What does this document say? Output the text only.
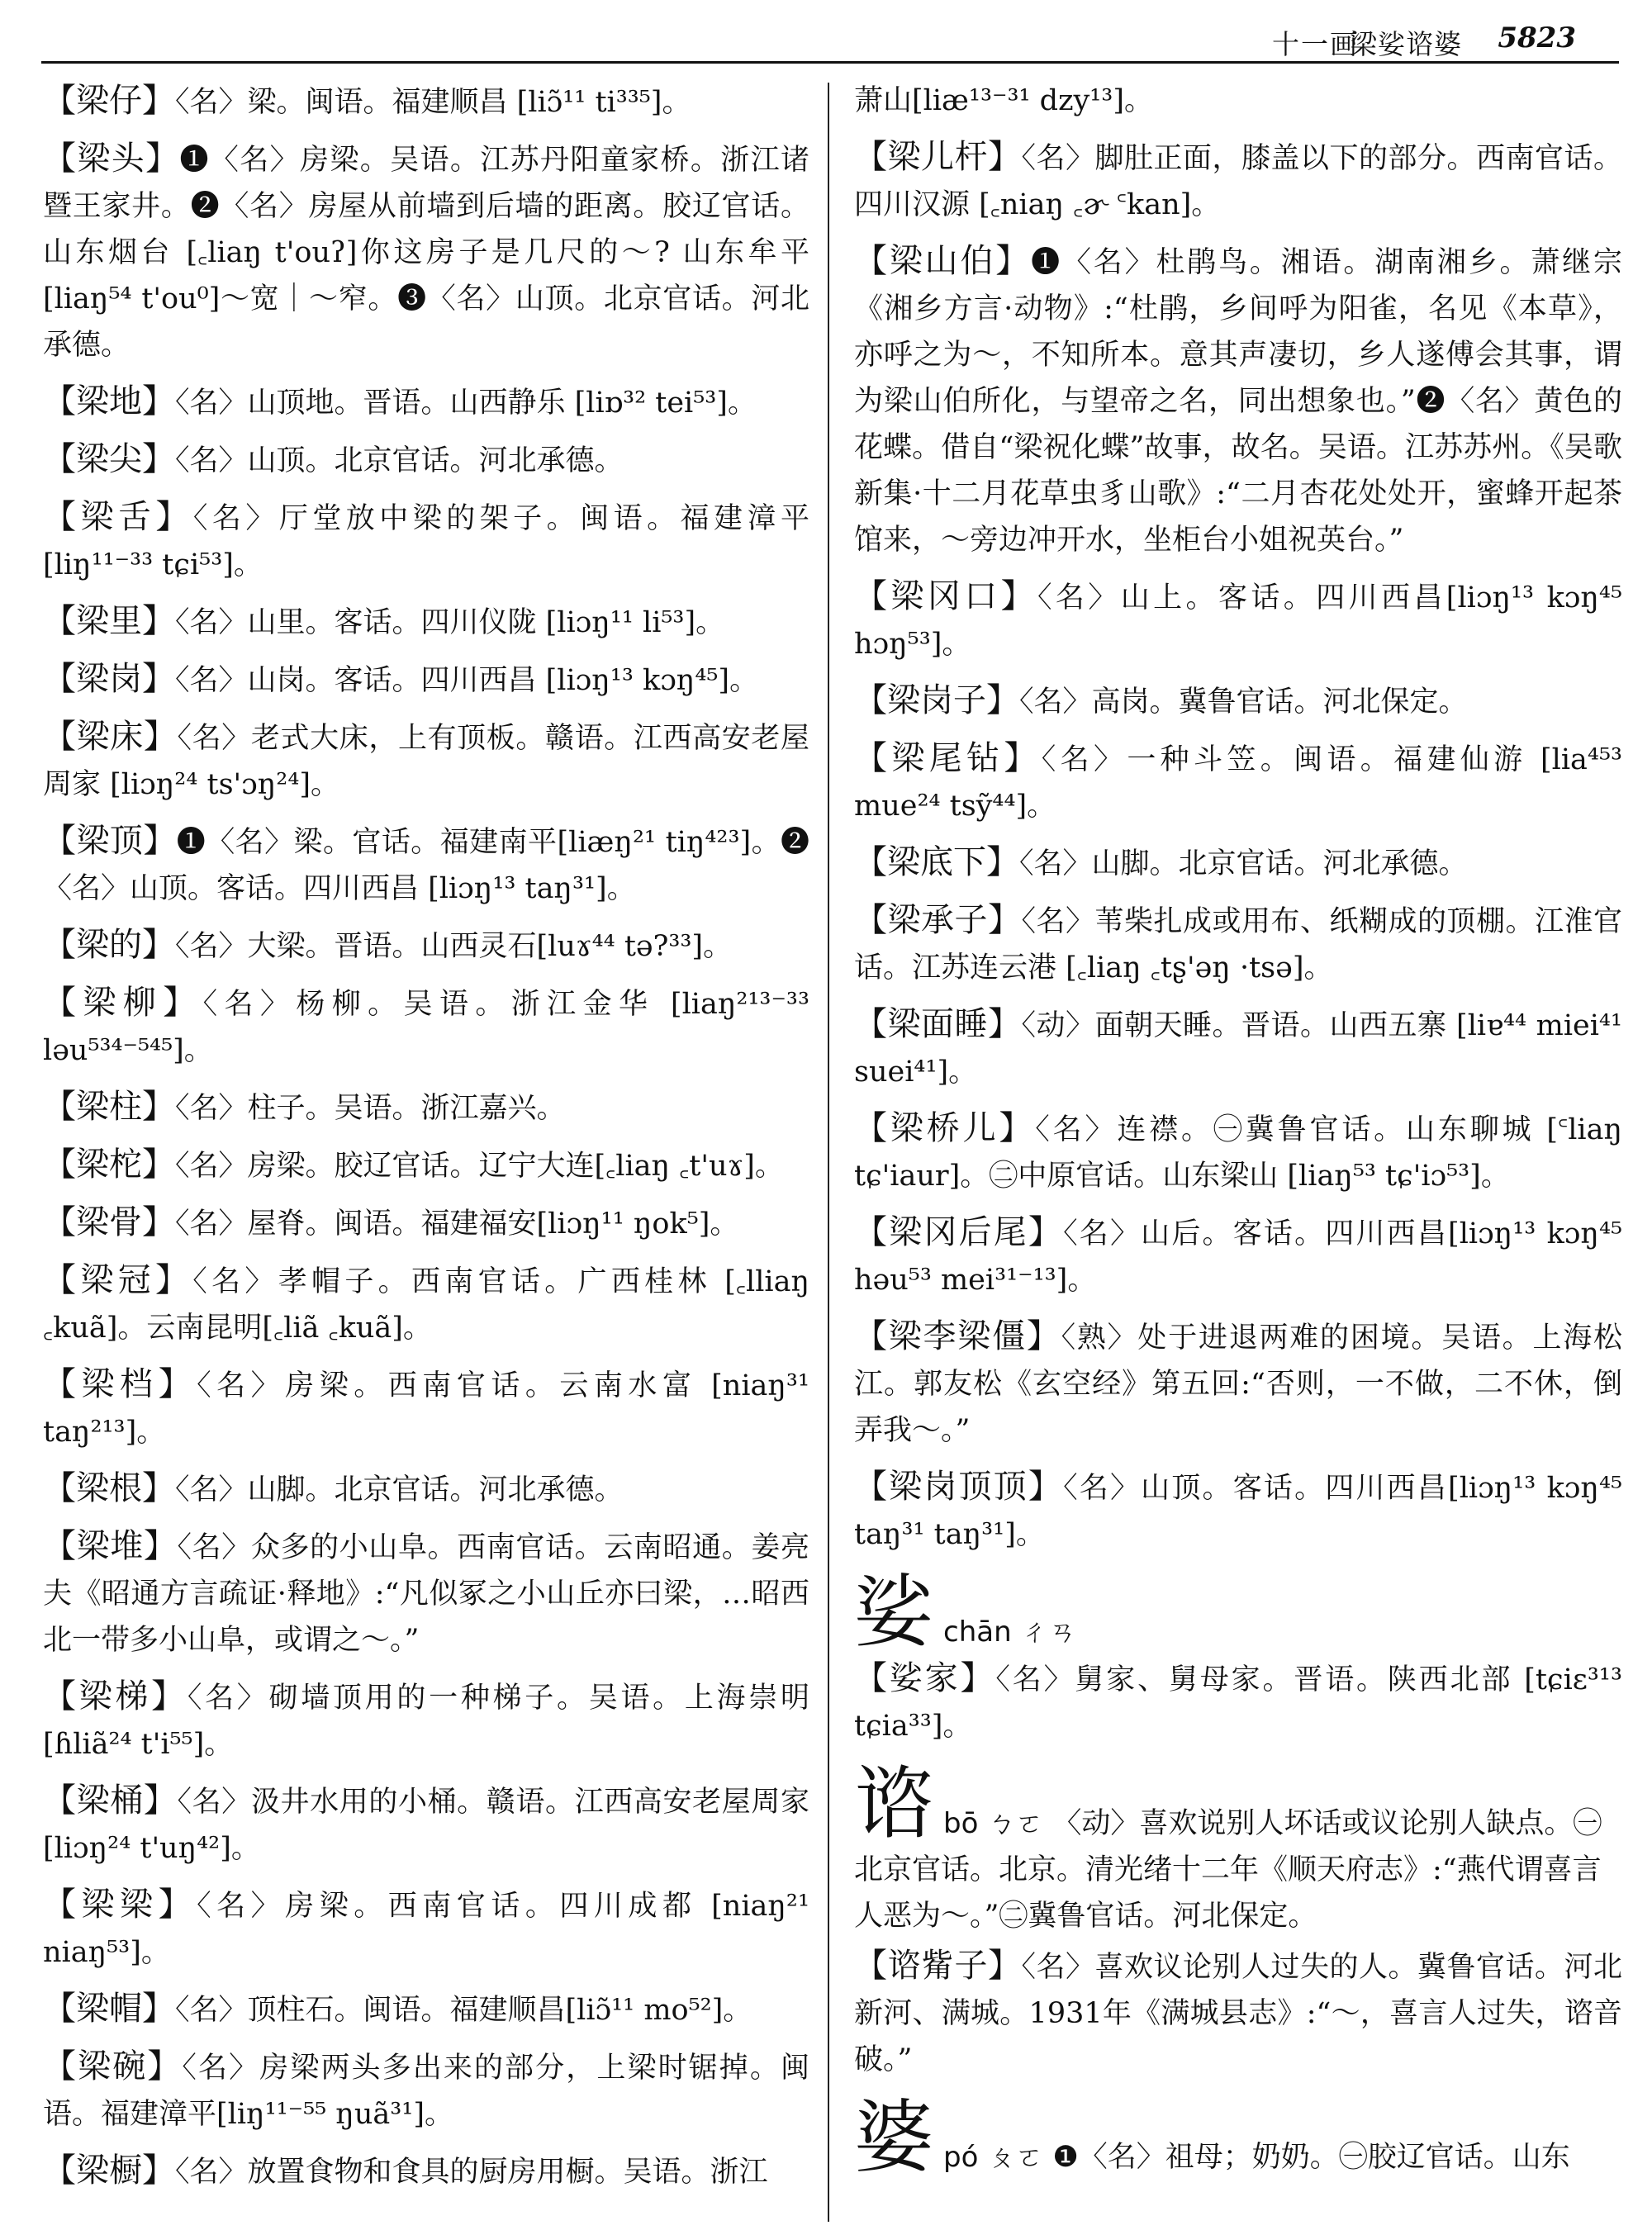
十一画
梁娑谘婆 5823
【梁仔】〈名〉梁。闽语。福建顺昌 [liɔ̃¹¹ ti³³⁵]。
【梁头】❶〈名〉房梁。吴语。江苏丹阳童家桥。浙江诸暨王家井。❷〈名〉房屋从前墙到后墙的距离。胶辽官话。山东烟台 [꜀liaŋ t'ouʔ]你这房子是几尺的～? 山东牟平[liaŋ⁵⁴ t'ou⁰]～宽｜～窄。❸〈名〉山顶。北京官话。河北承德。
【梁地】〈名〉山顶地。晋语。山西静乐 [liɒ³² tei⁵³]。
【梁尖】〈名〉山顶。北京官话。河北承德。
【梁舌】〈名〉厅堂放中梁的架子。闽语。福建漳平 [liŋ¹¹⁻³³ tɕi⁵³]。
【梁里】〈名〉山里。客话。四川仪陇 [liɔŋ¹¹ li⁵³]。
【梁岗】〈名〉山岗。客话。四川西昌 [liɔŋ¹³ kɔŋ⁴⁵]。
【梁床】〈名〉老式大床，上有顶板。赣语。江西高安老屋周家 [liɔŋ²⁴ ts'ɔŋ²⁴]。
【梁顶】❶〈名〉梁。官话。福建南平[liæŋ²¹ tiŋ⁴²³]。❷〈名〉山顶。客话。四川西昌 [liɔŋ¹³ taŋ³¹]。
【梁的】〈名〉大梁。晋语。山西灵石[luɤ⁴⁴ tə?³³]。
【梁柳】〈名〉杨柳。吴语。浙江金华 [liaŋ²¹³⁻³³ ləu⁵³⁴⁻⁵⁴⁵]。
【梁柱】〈名〉柱子。吴语。浙江嘉兴。
【梁柁】〈名〉房梁。胶辽官话。辽宁大连[꜀liaŋ ꜀t'uɤ]。
【梁骨】〈名〉屋脊。闽语。福建福安[liɔŋ¹¹ ŋok⁵]。
【梁冠】〈名〉孝帽子。西南官话。广西桂林 [꜀lliaŋ ꜀kuã]。云南昆明[꜀liã ꜀kuã]。
【梁档】〈名〉房梁。西南官话。云南水富 [niaŋ³¹ taŋ²¹³]。
【梁根】〈名〉山脚。北京官话。河北承德。
【梁堆】〈名〉众多的小山阜。西南官话。云南昭通。姜亮夫《昭通方言疏证·释地》:“凡似冢之小山丘亦曰梁，…昭西北一带多小山阜，或谓之～。”
【梁梯】〈名〉砌墙顶用的一种梯子。吴语。上海崇明 [ɦliã²⁴ t'i⁵⁵]。
【梁桶】〈名〉汲井水用的小桶。赣语。江西高安老屋周家[liɔŋ²⁴ t'uŋ⁴²]。
【梁梁】〈名〉房梁。西南官话。四川成都 [niaŋ²¹ niaŋ⁵³]。
【梁帽】〈名〉顶柱石。闽语。福建顺昌[liɔ̃¹¹ mo⁵²]。
【梁碗】〈名〉房梁两头多出来的部分，上梁时锯掉。闽语。福建漳平[liŋ¹¹⁻⁵⁵ ŋuã³¹]。
【梁橱】〈名〉放置食物和食具的厨房用橱。吴语。浙江
萧山[liæ¹³⁻³¹ dzy¹³]。
【梁儿杆】〈名〉脚肚正面，膝盖以下的部分。西南官话。四川汉源 [꜀niaŋ ꜀ɚ ꜂kan]。
【梁山伯】❶〈名〉杜鹃鸟。湘语。湖南湘乡。萧继宗《湘乡方言·动物》:“杜鹃，乡间呼为阳雀，名见《本草》，亦呼之为～，不知所本。意其声凄切，乡人遂傅会其事，谓为梁山伯所化，与望帝之名，同出想象也。”❷〈名〉黄色的花蝶。借自“梁祝化蝶”故事，故名。吴语。江苏苏州。《吴歌新集·十二月花草虫豸山歌》:“二月杏花处处开，蜜蜂开起茶馆来，～旁边冲开水，坐柜台小姐祝英台。”
【梁冈口】〈名〉山上。客话。四川西昌[liɔŋ¹³ kɔŋ⁴⁵ hɔŋ⁵³]。
【梁岗子】〈名〉高岗。冀鲁官话。河北保定。
【梁尾钻】〈名〉一种斗笠。闽语。福建仙游 [lia⁴⁵³ mue²⁴ tsỹ⁴⁴]。
【梁底下】〈名〉山脚。北京官话。河北承德。
【梁承子】〈名〉苇柴扎成或用布、纸糊成的顶棚。江淮官话。江苏连云港 [꜀liaŋ ꜀tʂ'əŋ ·tsə]。
【梁面睡】〈动〉面朝天睡。晋语。山西五寨 [liɐ⁴⁴ miei⁴¹ suei⁴¹]。
【梁桥儿】〈名〉连襟。㊀冀鲁官话。山东聊城 [꜂liaŋ tɕ'iaur]。㊁中原官话。山东梁山 [liaŋ⁵³ tɕ'iɔ⁵³]。
【梁冈后尾】〈名〉山后。客话。四川西昌[liɔŋ¹³ kɔŋ⁴⁵ həu⁵³ mei³¹⁻¹³]。
【梁李梁僵】〈熟〉处于进退两难的困境。吴语。上海松江。郭友松《玄空经》第五回:“否则，一不做，二不休，倒弄我～。”
【梁岗顶顶】〈名〉山顶。客话。四川西昌[liɔŋ¹³ kɔŋ⁴⁵ taŋ³¹ taŋ³¹]。
娑chān ㄔㄢ
【娑家】〈名〉舅家、舅母家。晋语。陕西北部 [tɕiɛ³¹³ tɕia³³]。
谘bō ㄅㄛ 〈动〉喜欢说别人坏话或议论别人缺点。㊀北京官话。北京。清光绪十二年《顺天府志》:“燕代谓喜言人恶为～。”㊁冀鲁官话。河北保定。
【谘觜子】〈名〉喜欢议论别人过失的人。冀鲁官话。河北新河、满城。1931年《满城县志》:“～，喜言人过失，谘音破。”
婆pó ㄆㄛ ❶〈名〉祖母；奶奶。㊀胶辽官话。山东
